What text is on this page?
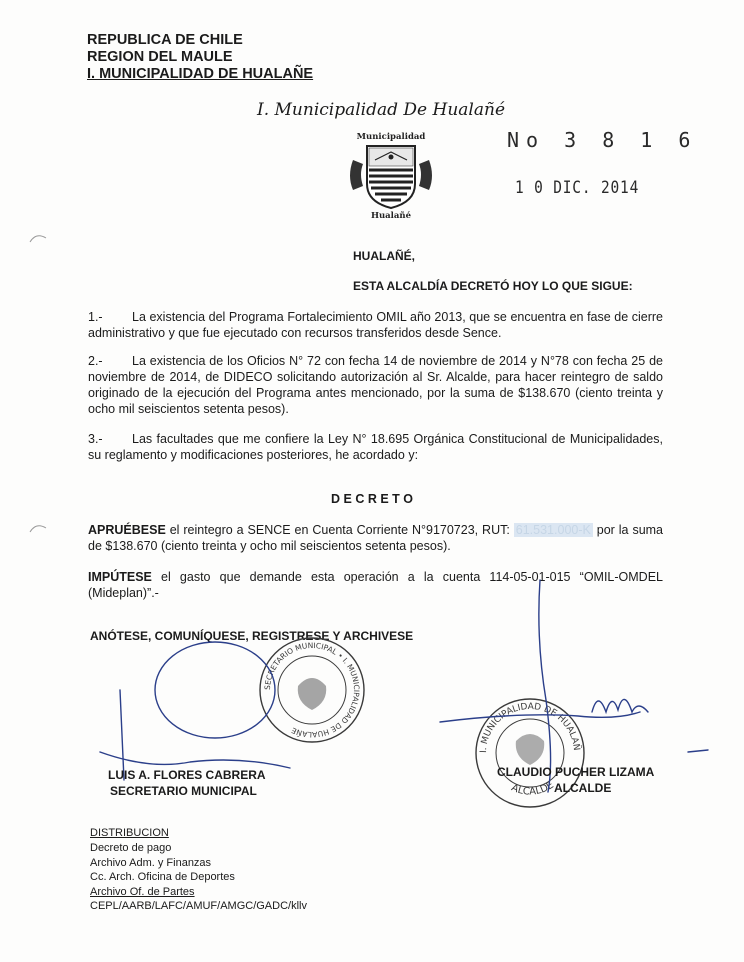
REPUBLICA DE CHILE
REGION DEL MAULE
I. MUNICIPALIDAD DE HUALAÑE
I. Municipalidad De Hualañé
Municipalidad
Hualañé
No 3 8 1 6
1 0 DIC. 2014
HUALAÑÉ,
ESTA ALCALDÍA DECRETÓ HOY LO QUE SIGUE:
1.- La existencia del Programa Fortalecimiento OMIL año 2013, que se encuentra en fase de cierre administrativo y que fue ejecutado con recursos transferidos desde Sence.
2.- La existencia de los Oficios N° 72 con fecha 14 de noviembre de 2014 y N°78 con fecha 25 de noviembre de 2014, de DIDECO solicitando autorización al Sr. Alcalde, para hacer reintegro de saldo originado de la ejecución del Programa antes mencionado, por la suma de $138.670 (ciento treinta y ocho mil seiscientos setenta pesos).
3.- Las facultades que me confiere la Ley N° 18.695 Orgánica Constitucional de Municipalidades, su reglamento y modificaciones posteriores, he acordado y:
D E C R E T O
APRUÉBESE el reintegro a SENCE en Cuenta Corriente N°9170723, RUT: 61.531.000-K por la suma de $138.670 (ciento treinta y ocho mil seiscientos setenta pesos).
IMPÚTESE el gasto que demande esta operación a la cuenta 114-05-01-015 “OMIL-OMDEL (Mideplan)”.-
ANÓTESE, COMUNÍQUESE, REGISTRESE Y ARCHIVESE
SECRETARIO MUNICIPAL • I. MUNICIPALIDAD DE HUALAÑE
I. MUNICIPALIDAD DE HUALAÑ
ALCALDE
LUIS A. FLORES CABRERA
SECRETARIO MUNICIPAL
CLAUDIO PUCHER LIZAMA
ALCALDE
DISTRIBUCION
Decreto de pago
Archivo Adm. y Finanzas
Cc. Arch. Oficina de Deportes
Archivo Of. de Partes
CEPL/AARB/LAFC/AMUF/AMGC/GADC/kllv
